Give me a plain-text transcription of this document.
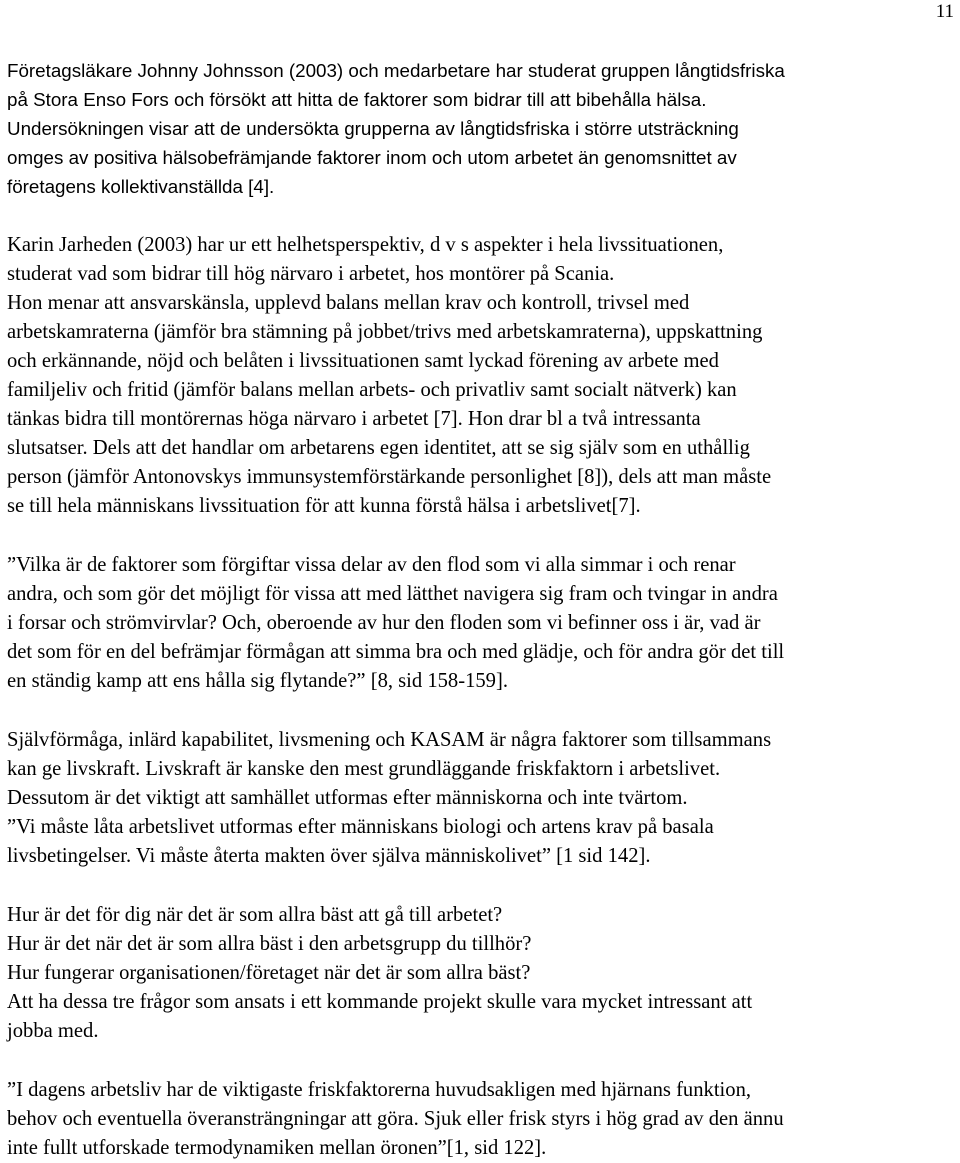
11

Företagsläkare Johnny Johnsson (2003) och medarbetare har studerat gruppen långtidsfriska
på Stora Enso Fors och försökt att hitta de faktorer som bidrar till att bibehålla hälsa.
Undersökningen visar att de undersökta grupperna av långtidsfriska i större utsträckning
omges av positiva hälsobefrämjande faktorer inom och utom arbetet än genomsnittet av
företagens kollektivanställda [4].

Karin Jarheden (2003) har ur ett helhetsperspektiv, d v s aspekter i hela livssituationen,
studerat vad som bidrar till hög närvaro i arbetet, hos montörer på Scania.
Hon menar att ansvarskänsla, upplevd balans mellan krav och kontroll, trivsel med
arbetskamraterna (jämför bra stämning på jobbet/trivs med arbetskamraterna), uppskattning
och erkännande, nöjd och belåten i livssituationen samt lyckad förening av arbete med
familjeliv och fritid (jämför balans mellan arbets- och privatliv samt socialt nätverk) kan
tänkas bidra till montörernas höga närvaro i arbetet [7]. Hon drar bl a två intressanta
slutsatser. Dels att det handlar om arbetarens egen identitet, att se sig själv som en uthållig
person (jämför Antonovskys immunsystemförstärkande personlighet [8]), dels att man måste
se till hela människans livssituation för att kunna förstå hälsa i arbetslivet[7].

”Vilka är de faktorer som förgiftar vissa delar av den flod som vi alla simmar i och renar
andra, och som gör det möjligt för vissa att med lätthet navigera sig fram och tvingar in andra
i forsar och strömvirvlar? Och, oberoende av hur den floden som vi befinner oss i är, vad är
det som för en del befrämjar förmågan att simma bra och med glädje, och för andra gör det till
en ständig kamp att ens hålla sig flytande?” [8, sid 158-159].

Självförmåga, inlärd kapabilitet, livsmening och KASAM är några faktorer som tillsammans
kan ge livskraft. Livskraft är kanske den mest grundläggande friskfaktorn i arbetslivet.
Dessutom är det viktigt att samhället utformas efter människorna och inte tvärtom.
”Vi måste låta arbetslivet utformas efter människans biologi och artens krav på basala
livsbetingelser. Vi måste återta makten över själva människolivet” [1 sid 142].

Hur är det för dig när det är som allra bäst att gå till arbetet?
Hur är det när det är som allra bäst i den arbetsgrupp du tillhör?
Hur fungerar organisationen/företaget när det är som allra bäst?
Att ha dessa tre frågor som ansats i ett kommande projekt skulle vara mycket intressant att
jobba med.

”I dagens arbetsliv har de viktigaste friskfaktorerna huvudsakligen med hjärnans funktion,
behov och eventuella överansträngningar att göra. Sjuk eller frisk styrs i hög grad av den ännu
inte fullt utforskade termodynamiken mellan öronen”[1, sid 122].
